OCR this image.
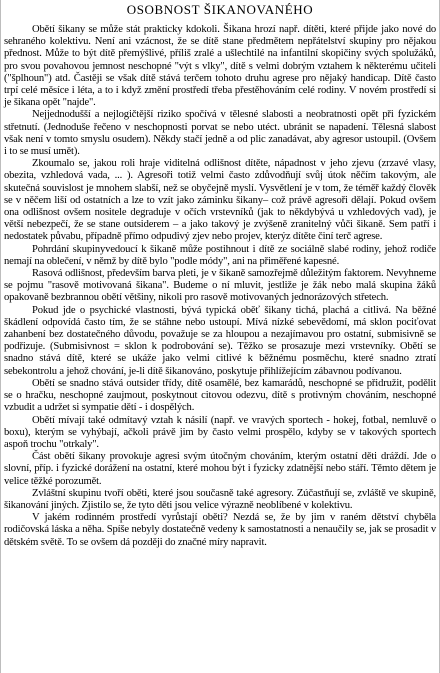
OSOBNOST ŠIKANOVANÉHO

Obětí šikany se může stát prakticky kdokoli. Šikana hrozí např. dítěti, které přijde jako nové do sehraného kolektivu. Není ani vzácnost, že se dítě stane předmětem nepřátelství skupiny pro nějakou přednost. Může to být dítě přemýšlivé, příliš zralé a ušlechtilé na infantilní skopičiny svých spolužáků, pro svou povahovou jemnost neschopné "výt s vlky", dítě s velmi dobrým vztahem k některému učiteli ("šplhoun") atd. Častěji se však dítě stává terčem tohoto druhu agrese pro nějaký handicap. Dítě často trpí celé měsíce i léta, a to i když změní prostředí třeba přestěhováním celé rodiny. V novém prostředí si je šikana opět "najde".

Nejjednodušší a nejlogičtější riziko spočívá v tělesné slabosti a neobratnosti opět při fyzickém střetnutí. (Jednoduše řečeno v neschopnosti porvat se nebo utéct. ubránit se napadení. Tělesná slabost však není v tomto smyslu osudem). Někdy stačí jedně a od plic zanadávat, aby agresor ustoupil. (Ovšem i to se musí umět).

Zkoumalo se, jakou roli hraje viditelná odlišnost dítěte, nápadnost v jeho zjevu (zrzavé vlasy, obezita, vzhledová vada, ... ). Agresoři totiž velmi často zdůvodňují svůj útok něčím takovým, ale skutečná souvislost je mnohem slabší, než se obyčejně myslí. Vysvětlení je v tom, že téměř každý člověk se v něčem liší od ostatních a lze to vzít jako záminku šikany– což právě agresoři dělají. Pokud ovšem ona odlišnost ovšem nositele degraduje v očích vrstevníků (jak to někdybývá u vzhledových vad), je větší nebezpečí, že se stane outsiderem – a jako takový je zvýšeně zranitelný vůči šikaně. Sem patří i nedostatek půvabu, případně přímo odpudivý zjev nebo projev, kterýz dítěte činí terč agrese.

Pohrdání skupinyvedoucí k šikaně může postihnout i dítě ze sociálně slabé rodiny, jehož rodiče nemají na oblečení, v němž by dítě bylo "podle módy", ani na přiměřené kapesné.

Rasová odlišnost, především barva pleti, je v šikaně samozřejmě důležitým faktorem. Nevyhneme se pojmu "rasově motivovaná šikana". Budeme o ní mluvit, jestliže je žák nebo malá skupina žáků opakovaně bezbrannou obětí většiny, nikoli pro rasově motivovaných jednorázových střetech.

Pokud jde o psychické vlastnosti, bývá typická oběť šikany tichá, plachá a citlivá. Na běžné škádlení odpovídá často tím, že se stáhne nebo ustoupí. Mívá nízké sebevědomí, má sklon pociťovat zahanbení bez dostatečného důvodu, považuje se za hloupou a nezajímavou pro ostatní, submisivně se podřizuje. (Submisivnost = sklon k podrobování se). Těžko se prosazuje mezi vrstevníky. Obětí se snadno stává dítě, které se ukáže jako velmi citlivé k běžnému posměchu, které snadno ztratí sebekontrolu a jehož chování, je-li dítě šikanováno, poskytuje přihlížejícím zábavnou podívanou.

Obětí se snadno stává outsider třídy, dítě osamělé, bez kamarádů, neschopné se přidružit, podělit se o hračku, neschopné zaujmout, poskytnout citovou odezvu, dítě s protivným chováním, neschopné vzbudit a udržet si sympatie dětí - i dospělých.

Obětí mívají také odmítavý vztah k násilí (např. ve vravých sportech - hokej, fotbal, nemluvě o boxu), kterým se vyhýbají, ačkoli právě jim by často velmi prospělo, kdyby se v takových sportech aspoň trochu "otrkaly".

Část obětí šikany provokuje agresi svým útočným chováním, kterým ostatní děti dráždí. Jde o slovní, příp. i fyzické dorážení na ostatní, které mohou být i fyzicky zdatnější nebo stáří. Těmto dětem je velice těžké porozumět.

Zvláštní skupinu tvoří oběti, které jsou současně také agresory. Zúčastňují se, zvláště ve skupině, šikanování jiných. Zjistilo se, že tyto děti jsou velice výrazně neoblíbené v kolektivu.

V jakém rodinném prostředí vyrůstají oběti? Nezdá se, že by jim v raném dětství chyběla rodičovská láska a něha. Spíše nebyly dostatečně vedeny k samostatnosti a nenaučily se, jak se prosadit v dětském světě. To se ovšem dá později do značné míry napravit.
